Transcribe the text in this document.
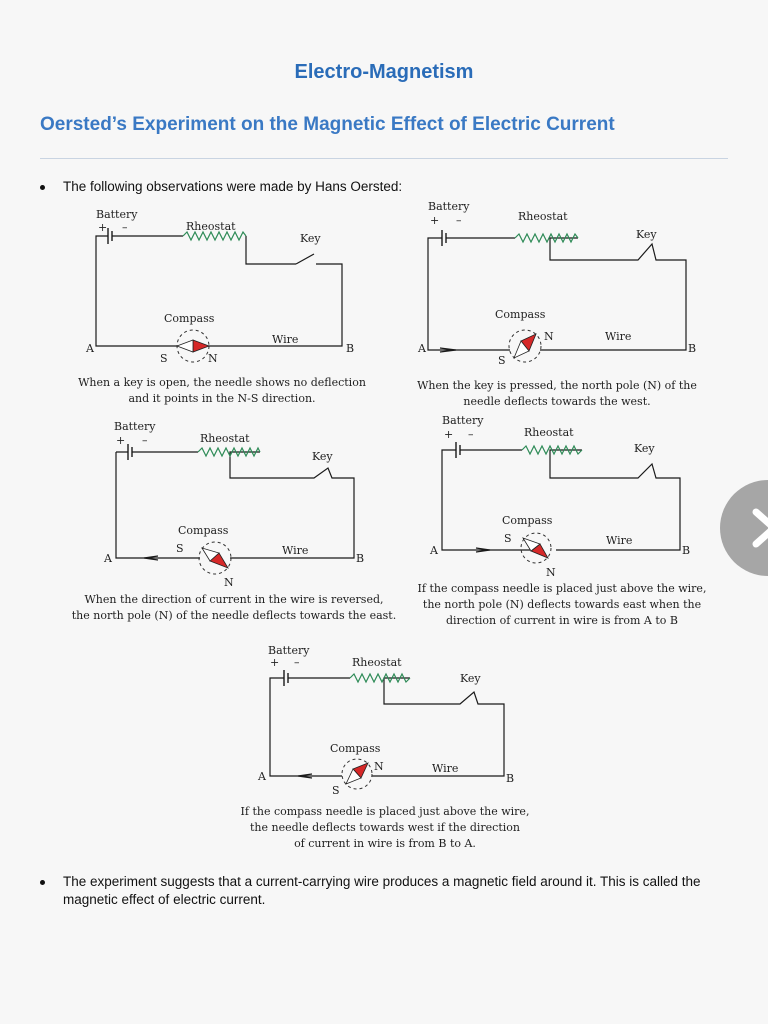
Electro-Magnetism
Oersted’s Experiment on the Magnetic Effect of Electric Current
The following observations were made by Hans Oersted:
Battery
+ –	Rheostat
Key
Compass
Wire
A	B
N
S
When a key is open, the needle shows no deflection
and it points in the N-S direction.
Battery
+ –	Rheostat
Key
Compass
Wire
A	B
N
S
When the key is pressed, the north pole (N) of the
needle deflects towards the west.
Battery
+ –	Rheostat
Key
Compass
Wire
A	B
N
S
When the direction of current in the wire is reversed,
the north pole (N) of the needle deflects towards the east.
Battery
+ –	Rheostat
Key
Compass
Wire
A	B
N
S
If the compass needle is placed just above the wire,
the north pole (N) deflects towards east when the
direction of current in wire is from A to B
Battery
+ –	Rheostat
Key
Compass
Wire
A	B
N
S
If the compass needle is placed just above the wire,
the needle deflects towards west if the direction
of current in wire is from B to A.
The experiment suggests that a current-carrying wire produces a magnetic field around it. This is called the magnetic effect of electric current.
